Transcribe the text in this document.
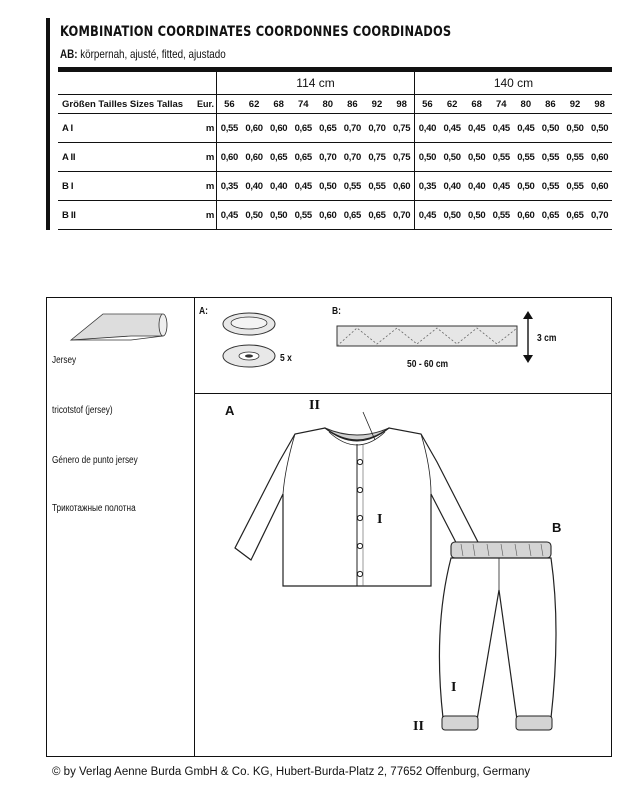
KOMBINATION COORDINATES COORDONNES COORDINADOS
AB: körpernah, ajusté, fitted, ajustado

		114 cm								140 cm							
Größen Tailles Sizes Tallas	Eur.	56	62	68	74	80	86	92	98	56	62	68	74	80	86	92	98
A I	m	0,55	0,60	0,60	0,65	0,65	0,70	0,70	0,75	0,40	0,45	0,45	0,45	0,45	0,50	0,50	0,50
A II	m	0,60	0,60	0,65	0,65	0,70	0,70	0,75	0,75	0,50	0,50	0,50	0,55	0,55	0,55	0,55	0,60
B I	m	0,35	0,40	0,40	0,45	0,50	0,55	0,55	0,60	0,35	0,40	0,40	0,45	0,50	0,55	0,55	0,60
B II	m	0,45	0,50	0,50	0,55	0,60	0,65	0,65	0,70	0,45	0,50	0,50	0,55	0,60	0,65	0,65	0,70
Jersey
tricotstof (jersey)
Género de punto jersey
Трикотажные полотна
A:
5 x
B:
3 cm
50 - 60 cm
A	II
I
B
I
II
© by Verlag Aenne Burda GmbH & Co. KG, Hubert-Burda-Platz 2, 77652 Offenburg, Germany
